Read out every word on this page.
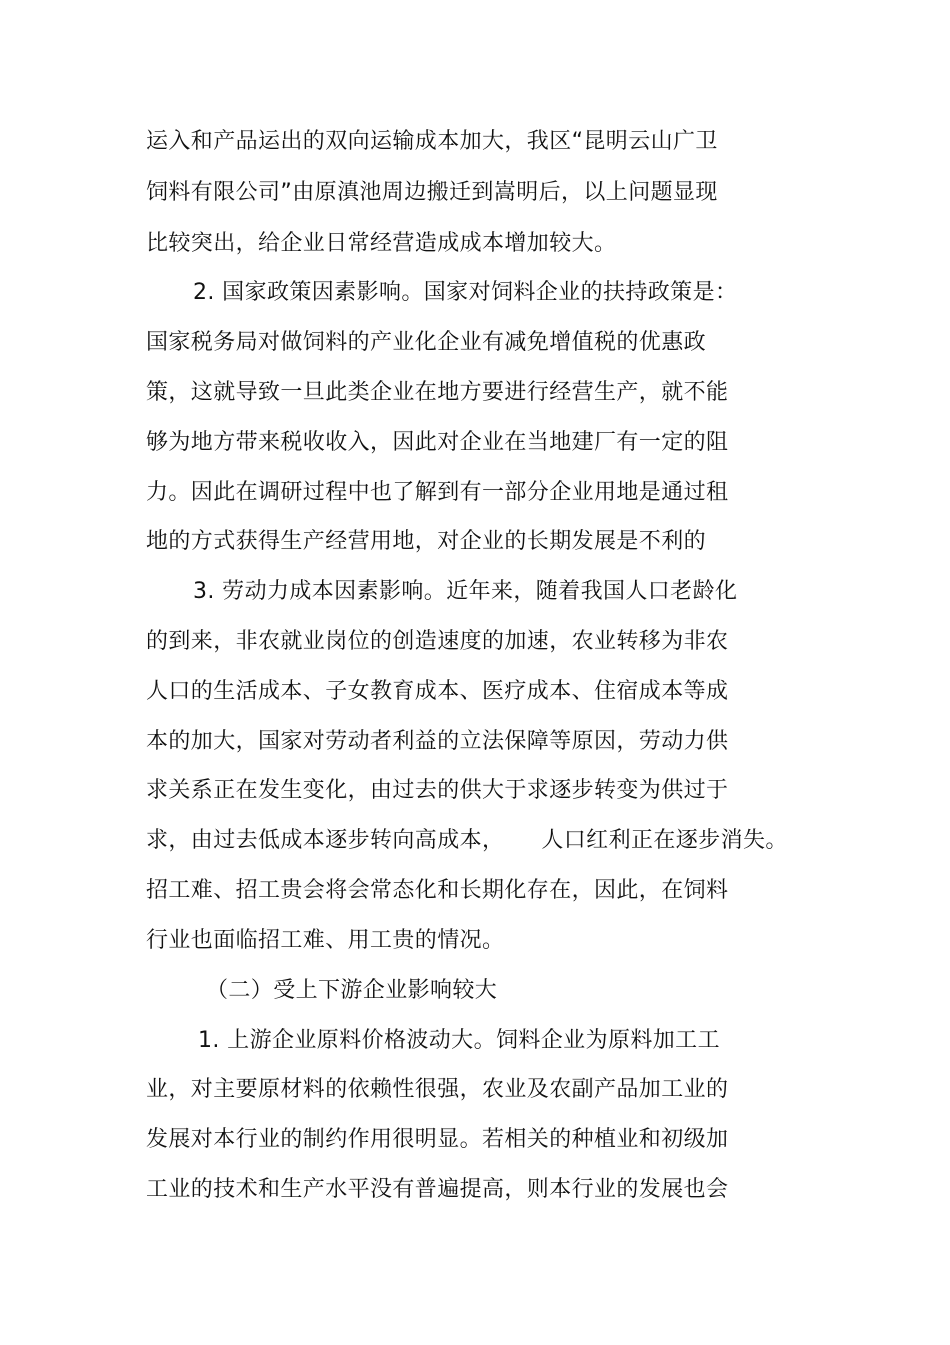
运入和产品运出的双向运输成本加大，我区“昆明云山广卫
饲料有限公司”由原滇池周边搬迁到嵩明后，以上问题显现
比较突出，给企业日常经营造成成本增加较大。
2. 国家政策因素影响。国家对饲料企业的扶持政策是：
国家税务局对做饲料的产业化企业有减免增值税的优惠政
策，这就导致一旦此类企业在地方要进行经营生产，就不能
够为地方带来税收收入，因此对企业在当地建厂有一定的阻
力。因此在调研过程中也了解到有一部分企业用地是通过租
地的方式获得生产经营用地，对企业的长期发展是不利的
3. 劳动力成本因素影响。近年来，随着我国人口老龄化
的到来，非农就业岗位的创造速度的加速，农业转移为非农
人口的生活成本、子女教育成本、医疗成本、住宿成本等成
本的加大，国家对劳动者利益的立法保障等原因，劳动力供
求关系正在发生变化，由过去的供大于求逐步转变为供过于
求，由过去低成本逐步转向高成本，     人口红利正在逐步消失。
招工难、招工贵会将会常态化和长期化存在，因此，在饲料
行业也面临招工难、用工贵的情况。
（二）受上下游企业影响较大
1. 上游企业原料价格波动大。饲料企业为原料加工工
业，对主要原材料的依赖性很强，农业及农副产品加工业的
发展对本行业的制约作用很明显。若相关的种植业和初级加
工业的技术和生产水平没有普遍提高，则本行业的发展也会
